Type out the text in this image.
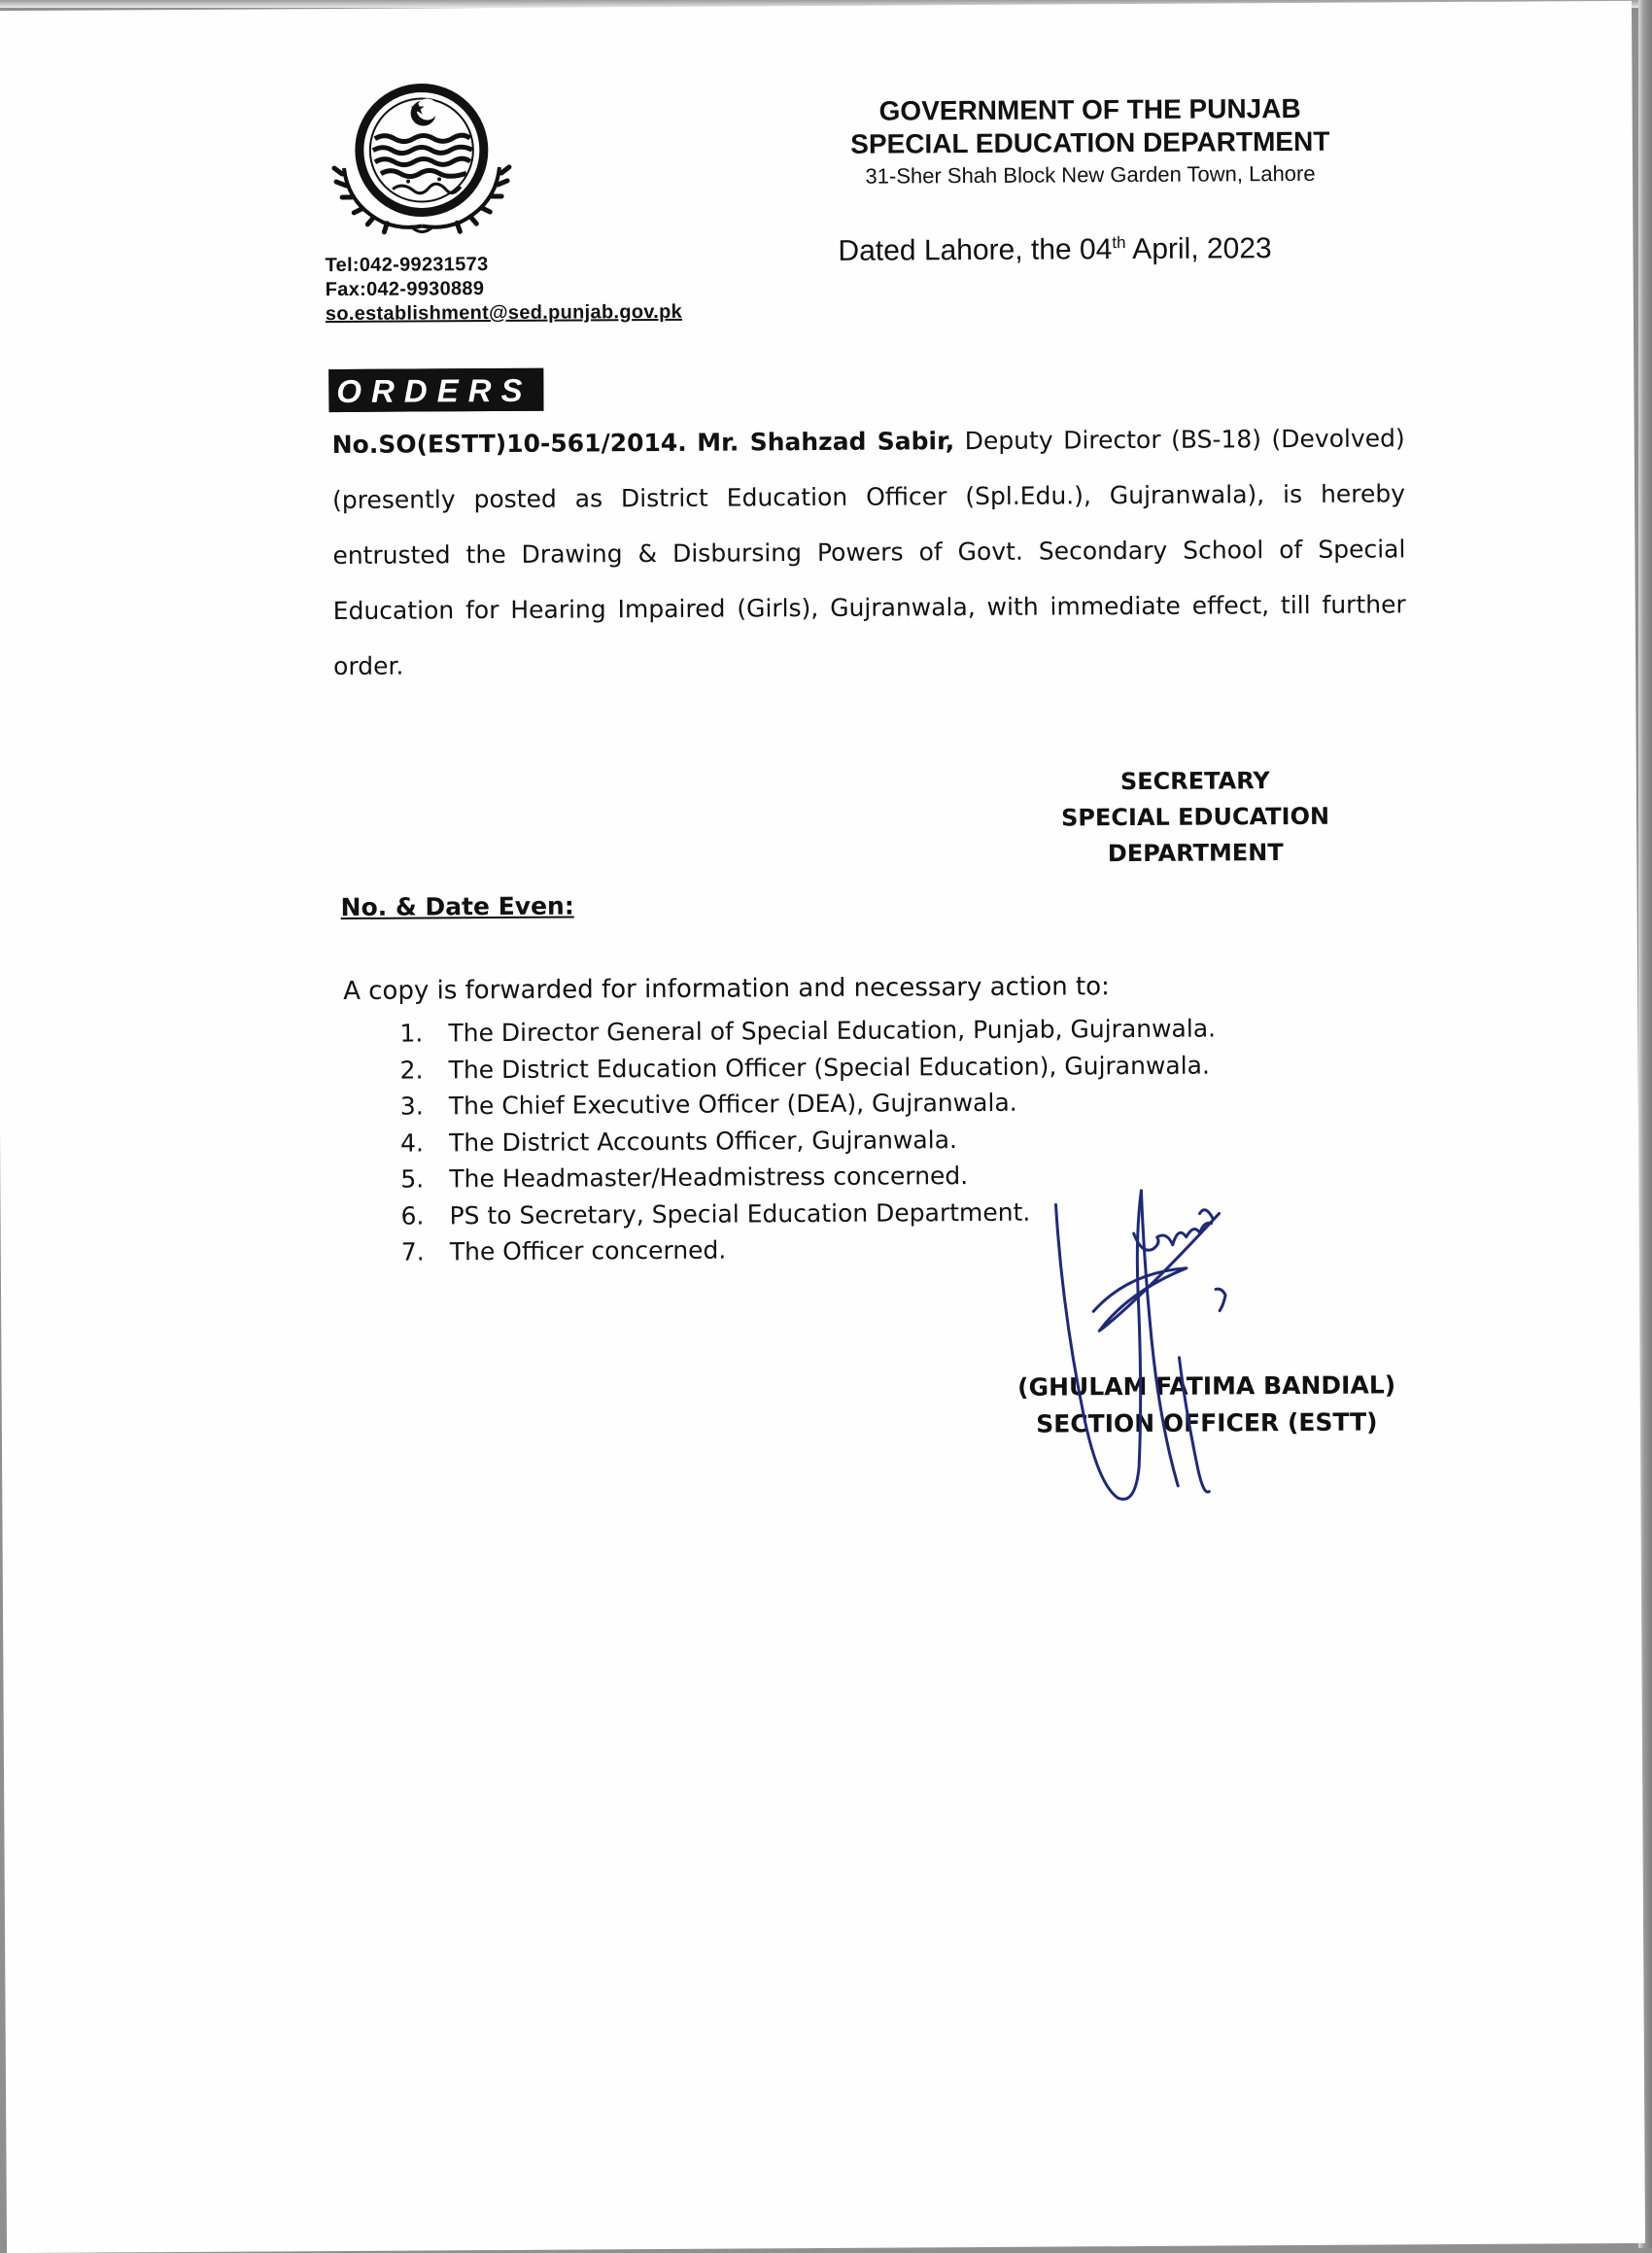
Tel:042-99231573
Fax:042-9930889
so.establishment@sed.punjab.gov.pk
GOVERNMENT OF THE PUNJAB
SPECIAL EDUCATION DEPARTMENT
31-Sher Shah Block New Garden Town, Lahore
Dated Lahore, the 04th April, 2023
ORDERS
No.SO(ESTT)10-561/2014. Mr. Shahzad Sabir, Deputy Director (BS-18) (Devolved) (presently posted as District Education Officer (Spl.Edu.), Gujranwala), is hereby entrusted the Drawing & Disbursing Powers of Govt. Secondary School of Special Education for Hearing Impaired (Girls), Gujranwala, with immediate effect, till further order.
SECRETARY
SPECIAL EDUCATION
DEPARTMENT
No. & Date Even:
A copy is forwarded for information and necessary action to:
1.	The Director General of Special Education, Punjab, Gujranwala.
2.	The District Education Officer (Special Education), Gujranwala.
3.	The Chief Executive Officer (DEA), Gujranwala.
4.	The District Accounts Officer, Gujranwala.
5.	The Headmaster/Headmistress concerned.
6.	PS to Secretary, Special Education Department.
7.	The Officer concerned.
(GHULAM FATIMA BANDIAL)
SECTION OFFICER (ESTT)
